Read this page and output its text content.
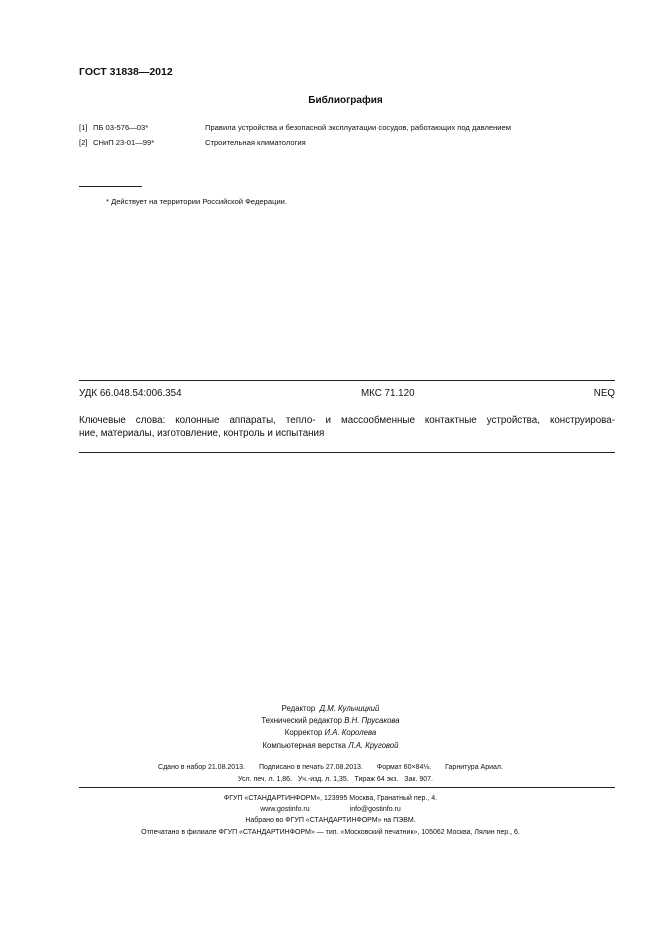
ГОСТ 31838—2012
Библиография
[1] ПБ 03-576—03*	Правила устройства и безопасной эксплуатации сосудов, работающих под давлением
[2] СНиП 23-01—99*	Строительная климатология
* Действует на территории Российской Федерации.
УДК 66.048.54:006.354	МКС 71.120	NEQ
Ключевые слова: колонные аппараты, тепло- и массообменные контактные устройства, конструирова-
ние, материалы, изготовление, контроль и испытания
Редактор Д.М. Кульчицкий
Технический редактор В.Н. Прусакова
Корректор И.А. Королева
Компьютерная верстка Л.А. Круговой
Сдано в набор 21.08.2013. Подписано в печать 27.08.2013. Формат 60×84⅛. Гарнитура Ариал.
Усл. печ. л. 1,86. Уч.-изд. л. 1,35. Тираж 64 экз. Зак. 907.
ФГУП «СТАНДАРТИНФОРМ», 123995 Москва, Гранатный пер., 4.
www.gostinfo.ru	info@gostinfo.ru
Набрано во ФГУП «СТАНДАРТИНФОРМ» на ПЭВМ.
Отпечатано в филиале ФГУП «СТАНДАРТИНФОРМ» — тип. «Московский печатник», 105062 Москва, Лялин пер., 6.
